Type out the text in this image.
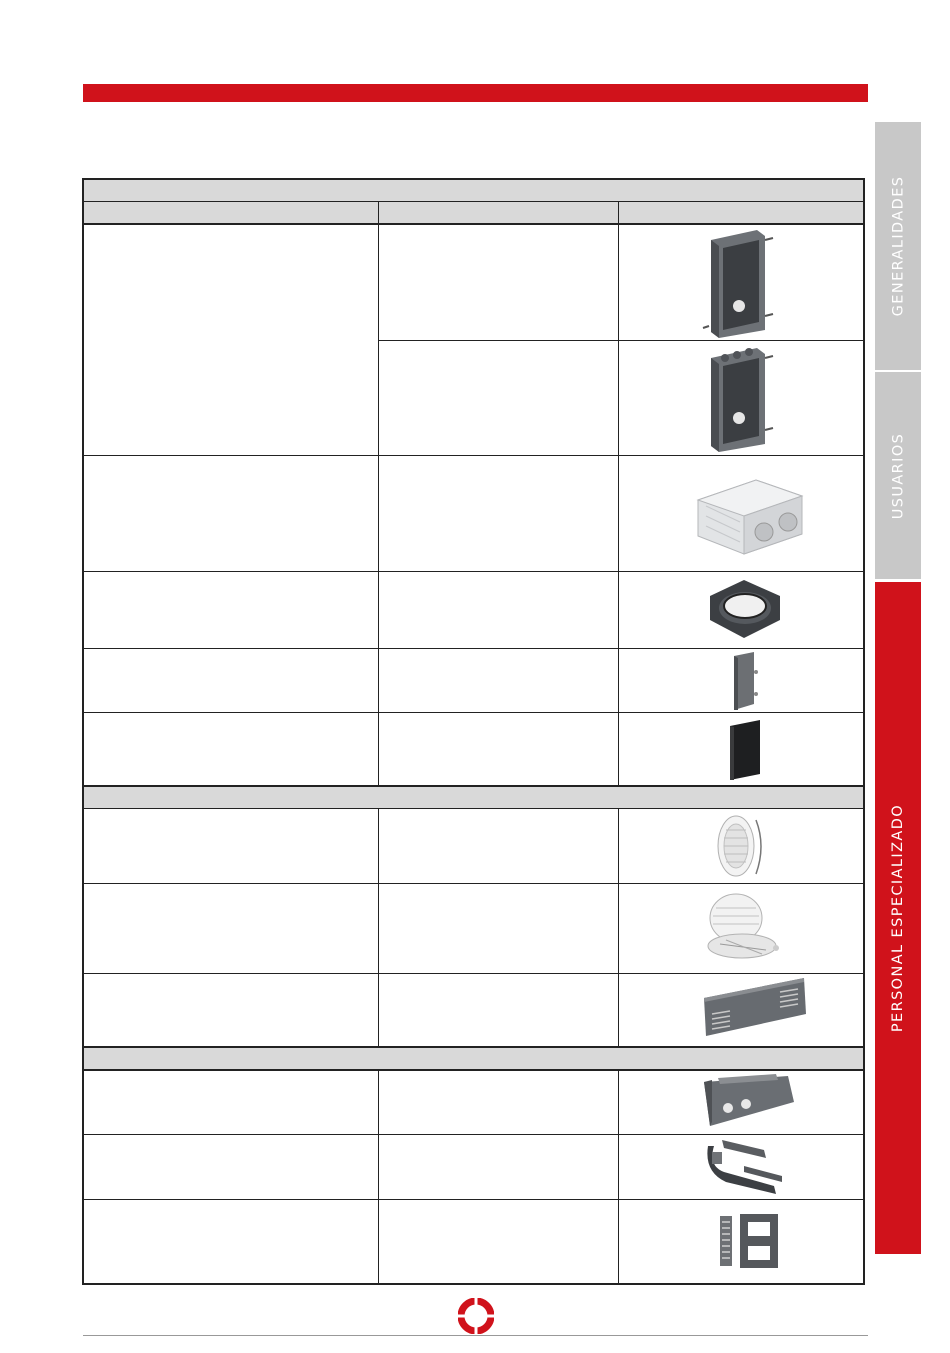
GENERALIDADES
USUARIOS
PERSONAL ESPECIALIZADO
